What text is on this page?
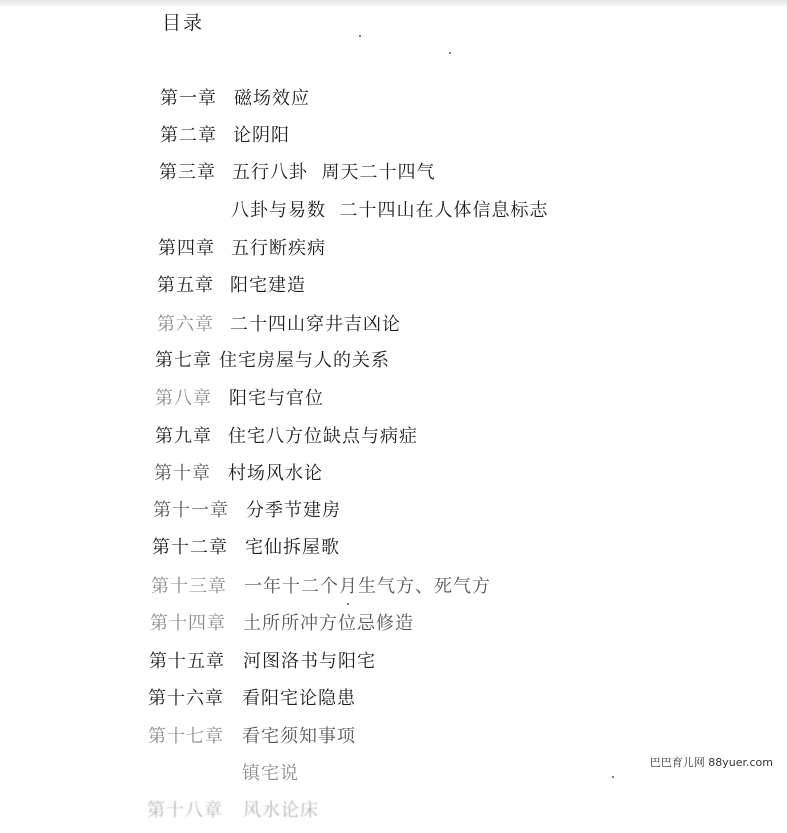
目录
第一章 磁场效应
第二章 论阴阳
第三章 五行八卦  周天二十四气
八卦与易数  二十四山在人体信息标志
第四章 五行断疾病
第五章 阳宅建造
第六章 二十四山穿井吉凶论
第七章 住宅房屋与人的关系
第八章 阳宅与官位
第九章 住宅八方位缺点与病症
第十章 村场风水论
第十一章 分季节建房
第十二章 宅仙拆屋歌
第十三章 一年十二个月生气方、死气方
第十四章 土所所冲方位忌修造
第十五章 河图洛书与阳宅
第十六章 看阳宅论隐患
第十七章 看宅须知事项
镇宅说
第十八章 风水论床
巴巴育儿网 88yuer.com
